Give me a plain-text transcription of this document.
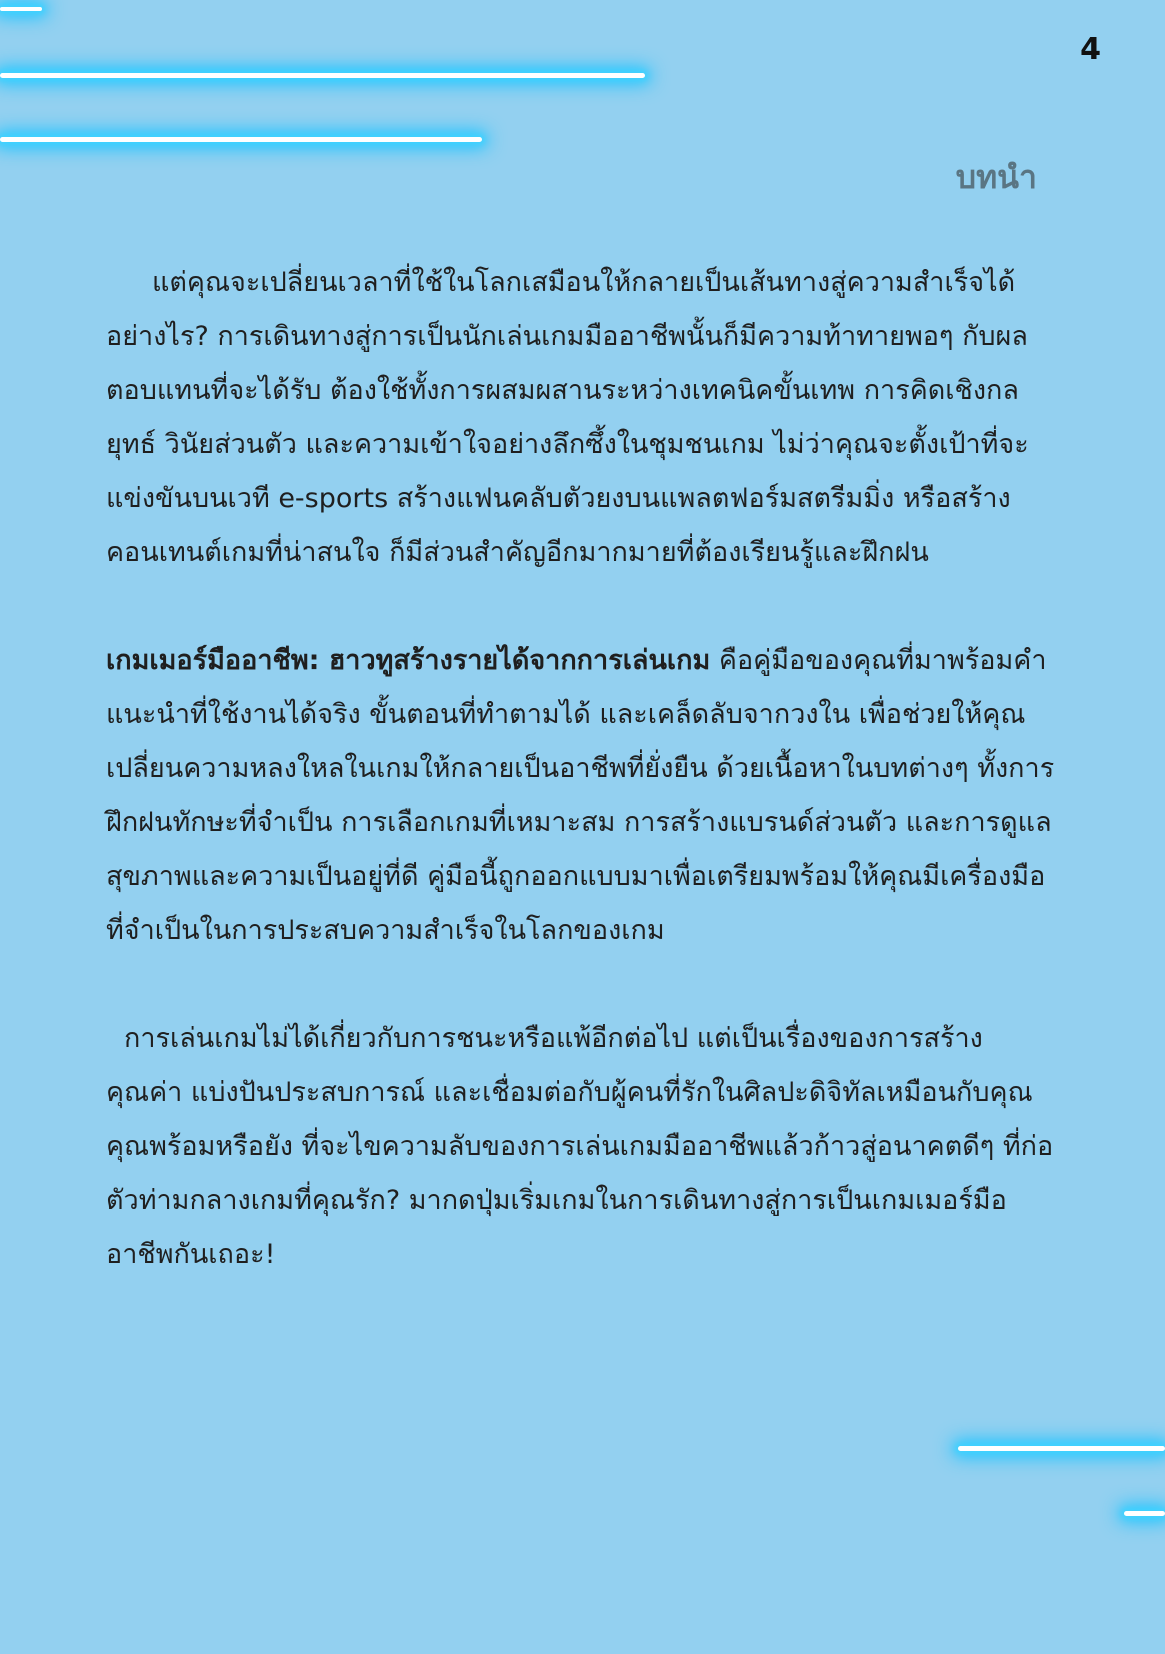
4
บทนำ

แต่คุณจะเปลี่ยนเวลาที่ใช้ในโลกเสมือนให้กลายเป็นเส้นทางสู่ความสำเร็จได้อย่างไร? การเดินทางสู่การเป็นนักเล่นเกมมืออาชีพนั้นก็มีความท้าทายพอๆ กับผลตอบแทนที่จะได้รับ ต้องใช้ทั้งการผสมผสานระหว่างเทคนิคขั้นเทพ การคิดเชิงกลยุทธ์ วินัยส่วนตัว และความเข้าใจอย่างลึกซึ้งในชุมชนเกม ไม่ว่าคุณจะตั้งเป้าที่จะแข่งขันบนเวที e-sports สร้างแฟนคลับตัวยงบนแพลตฟอร์มสตรีมมิ่ง หรือสร้างคอนเทนต์เกมที่น่าสนใจ ก็มีส่วนสำคัญอีกมากมายที่ต้องเรียนรู้และฝึกฝน

เกมเมอร์มืออาชีพ: ฮาวทูสร้างรายได้จากการเล่นเกม คือคู่มือของคุณที่มาพร้อมคำแนะนำที่ใช้งานได้จริง ขั้นตอนที่ทำตามได้ และเคล็ดลับจากวงใน เพื่อช่วยให้คุณเปลี่ยนความหลงใหลในเกมให้กลายเป็นอาชีพที่ยั่งยืน ด้วยเนื้อหาในบทต่างๆ ทั้งการฝึกฝนทักษะที่จำเป็น การเลือกเกมที่เหมาะสม การสร้างแบรนด์ส่วนตัว และการดูแลสุขภาพและความเป็นอยู่ที่ดี คู่มือนี้ถูกออกแบบมาเพื่อเตรียมพร้อมให้คุณมีเครื่องมือที่จำเป็นในการประสบความสำเร็จในโลกของเกม

การเล่นเกมไม่ได้เกี่ยวกับการชนะหรือแพ้อีกต่อไป แต่เป็นเรื่องของการสร้างคุณค่า แบ่งปันประสบการณ์ และเชื่อมต่อกับผู้คนที่รักในศิลปะดิจิทัลเหมือนกับคุณ คุณพร้อมหรือยัง ที่จะไขความลับของการเล่นเกมมืออาชีพแล้วก้าวสู่อนาคตดีๆ ที่ก่อตัวท่ามกลางเกมที่คุณรัก? มากดปุ่มเริ่มเกมในการเดินทางสู่การเป็นเกมเมอร์มืออาชีพกันเถอะ!
